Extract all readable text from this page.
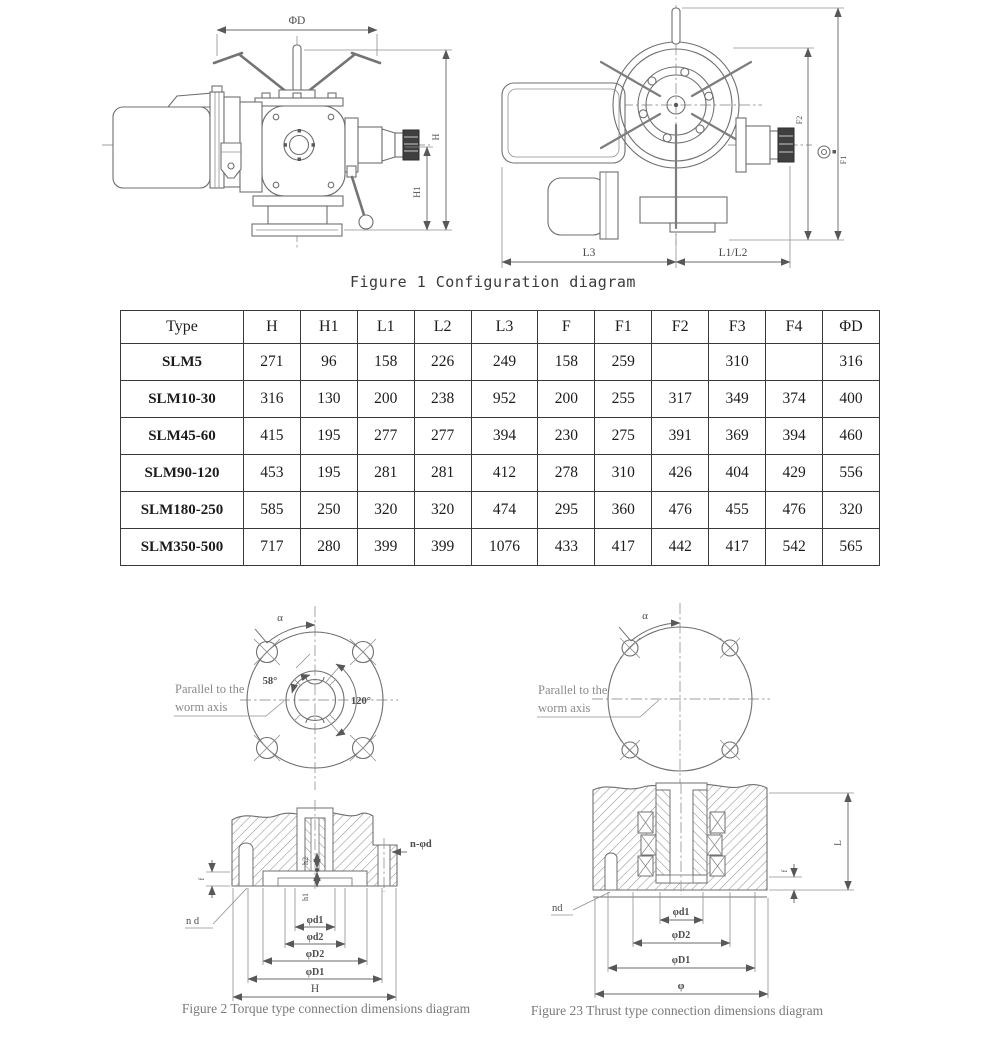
ΦD
H1
H
F2
F1
L3	L1/L2
Figure 1 Configuration diagram
Type	H	H1	L1	L2	L3	F	F1	F2	F3	F4	ΦD
SLM5	271	96	158	226	249	158	259		310		316
SLM10-30	316	130	200	238	952	200	255	317	349	374	400
SLM45-60	415	195	277	277	394	230	275	391	369	394	460
SLM90-120	453	195	281	281	412	278	310	426	404	429	556
SLM180-250	585	250	320	320	474	295	360	476	455	476	320
SLM350-500	717	280	399	399	1076	433	417	442	417	542	565
α
58°
120°
Parallel to the
worm axis
h2
h1
f
n-φd
n d	φd1
φd2
φD2
φD1
H
Figure 2 Torque type connection dimensions diagram
α
Parallel to the
worm axis
L
f
nd	φd1
φD2
φD1
φ
Figure 23 Thrust type connection dimensions diagram
